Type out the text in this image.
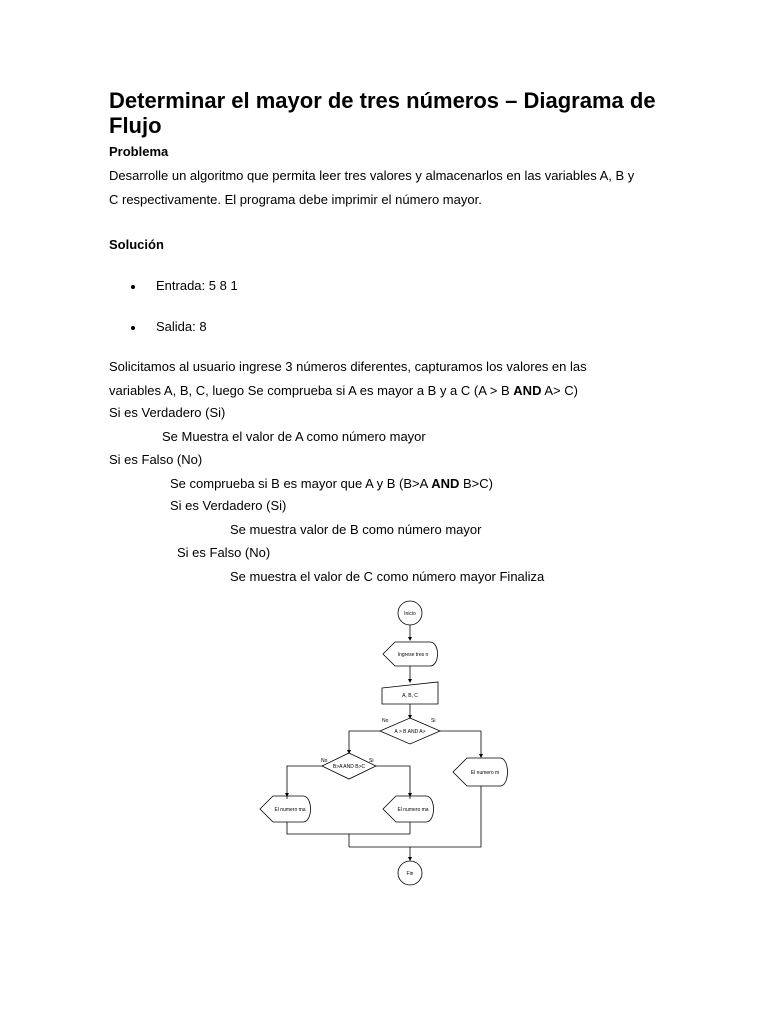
Determinar el mayor de tres números – Diagrama de Flujo
Problema
Desarrolle un algoritmo que permita leer tres valores y almacenarlos en las variables A, B y
C respectivamente. El programa debe imprimir el número mayor.
Solución
Entrada: 5 8 1
Salida: 8
Solicitamos al usuario ingrese 3 números diferentes, capturamos los valores en las
variables A, B, C, luego Se comprueba si A es mayor a B y a C (A > B AND A> C)
Si es Verdadero (Si)
Se Muestra el valor de A como número mayor
Si es Falso (No)
Se comprueba si B es mayor que A y B (B>A AND B>C)
Si es Verdadero (Si)
Se muestra valor de B como número mayor
Si es Falso (No)
Se muestra el valor de C como número mayor Finaliza
Inicio
Ingrese tres n
A, B, C
A > B AND A>
No	Si
B>A AND B>C
No	Si
El numero m
El numero ma	El numero ma
Fin
